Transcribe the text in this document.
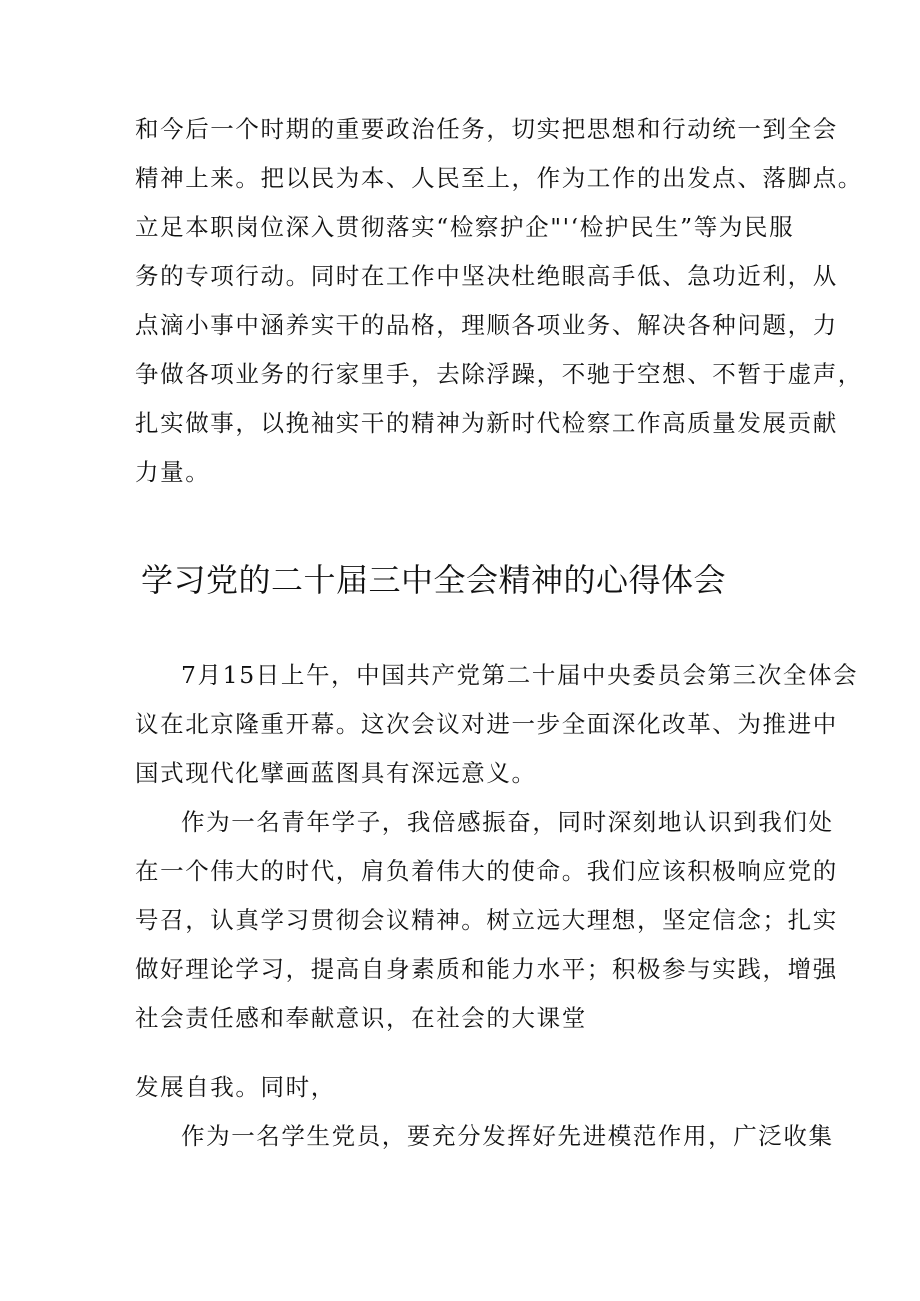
和今后一个时期的重要政治任务，切实把思想和行动统一到全会
精神上来。把以民为本、人民至上，作为工作的出发点、落脚点。
立足本职岗位深入贯彻落实“检察护企"'‘检护民生”等为民服
务的专项行动。同时在工作中坚决杜绝眼高手低、急功近利，从
点滴小事中涵养实干的品格，理顺各项业务、解决各种问题，力
争做各项业务的行家里手，去除浮躁，不驰于空想、不暂于虚声，
扎实做事，以挽袖实干的精神为新时代检察工作高质量发展贡献
力量。
学习党的二十届三中全会精神的心得体会
7月15日上午，中国共产党第二十届中央委员会第三次全体会
议在北京隆重开幕。这次会议对进一步全面深化改革、为推进中
国式现代化擘画蓝图具有深远意义。
作为一名青年学子，我倍感振奋，同时深刻地认识到我们处
在一个伟大的时代，肩负着伟大的使命。我们应该积极响应党的
号召，认真学习贯彻会议精神。树立远大理想，坚定信念；扎实
做好理论学习，提高自身素质和能力水平；积极参与实践，增强
社会责任感和奉献意识，在社会的大课堂
发展自我。同时，
作为一名学生党员，要充分发挥好先进模范作用，广泛收集
